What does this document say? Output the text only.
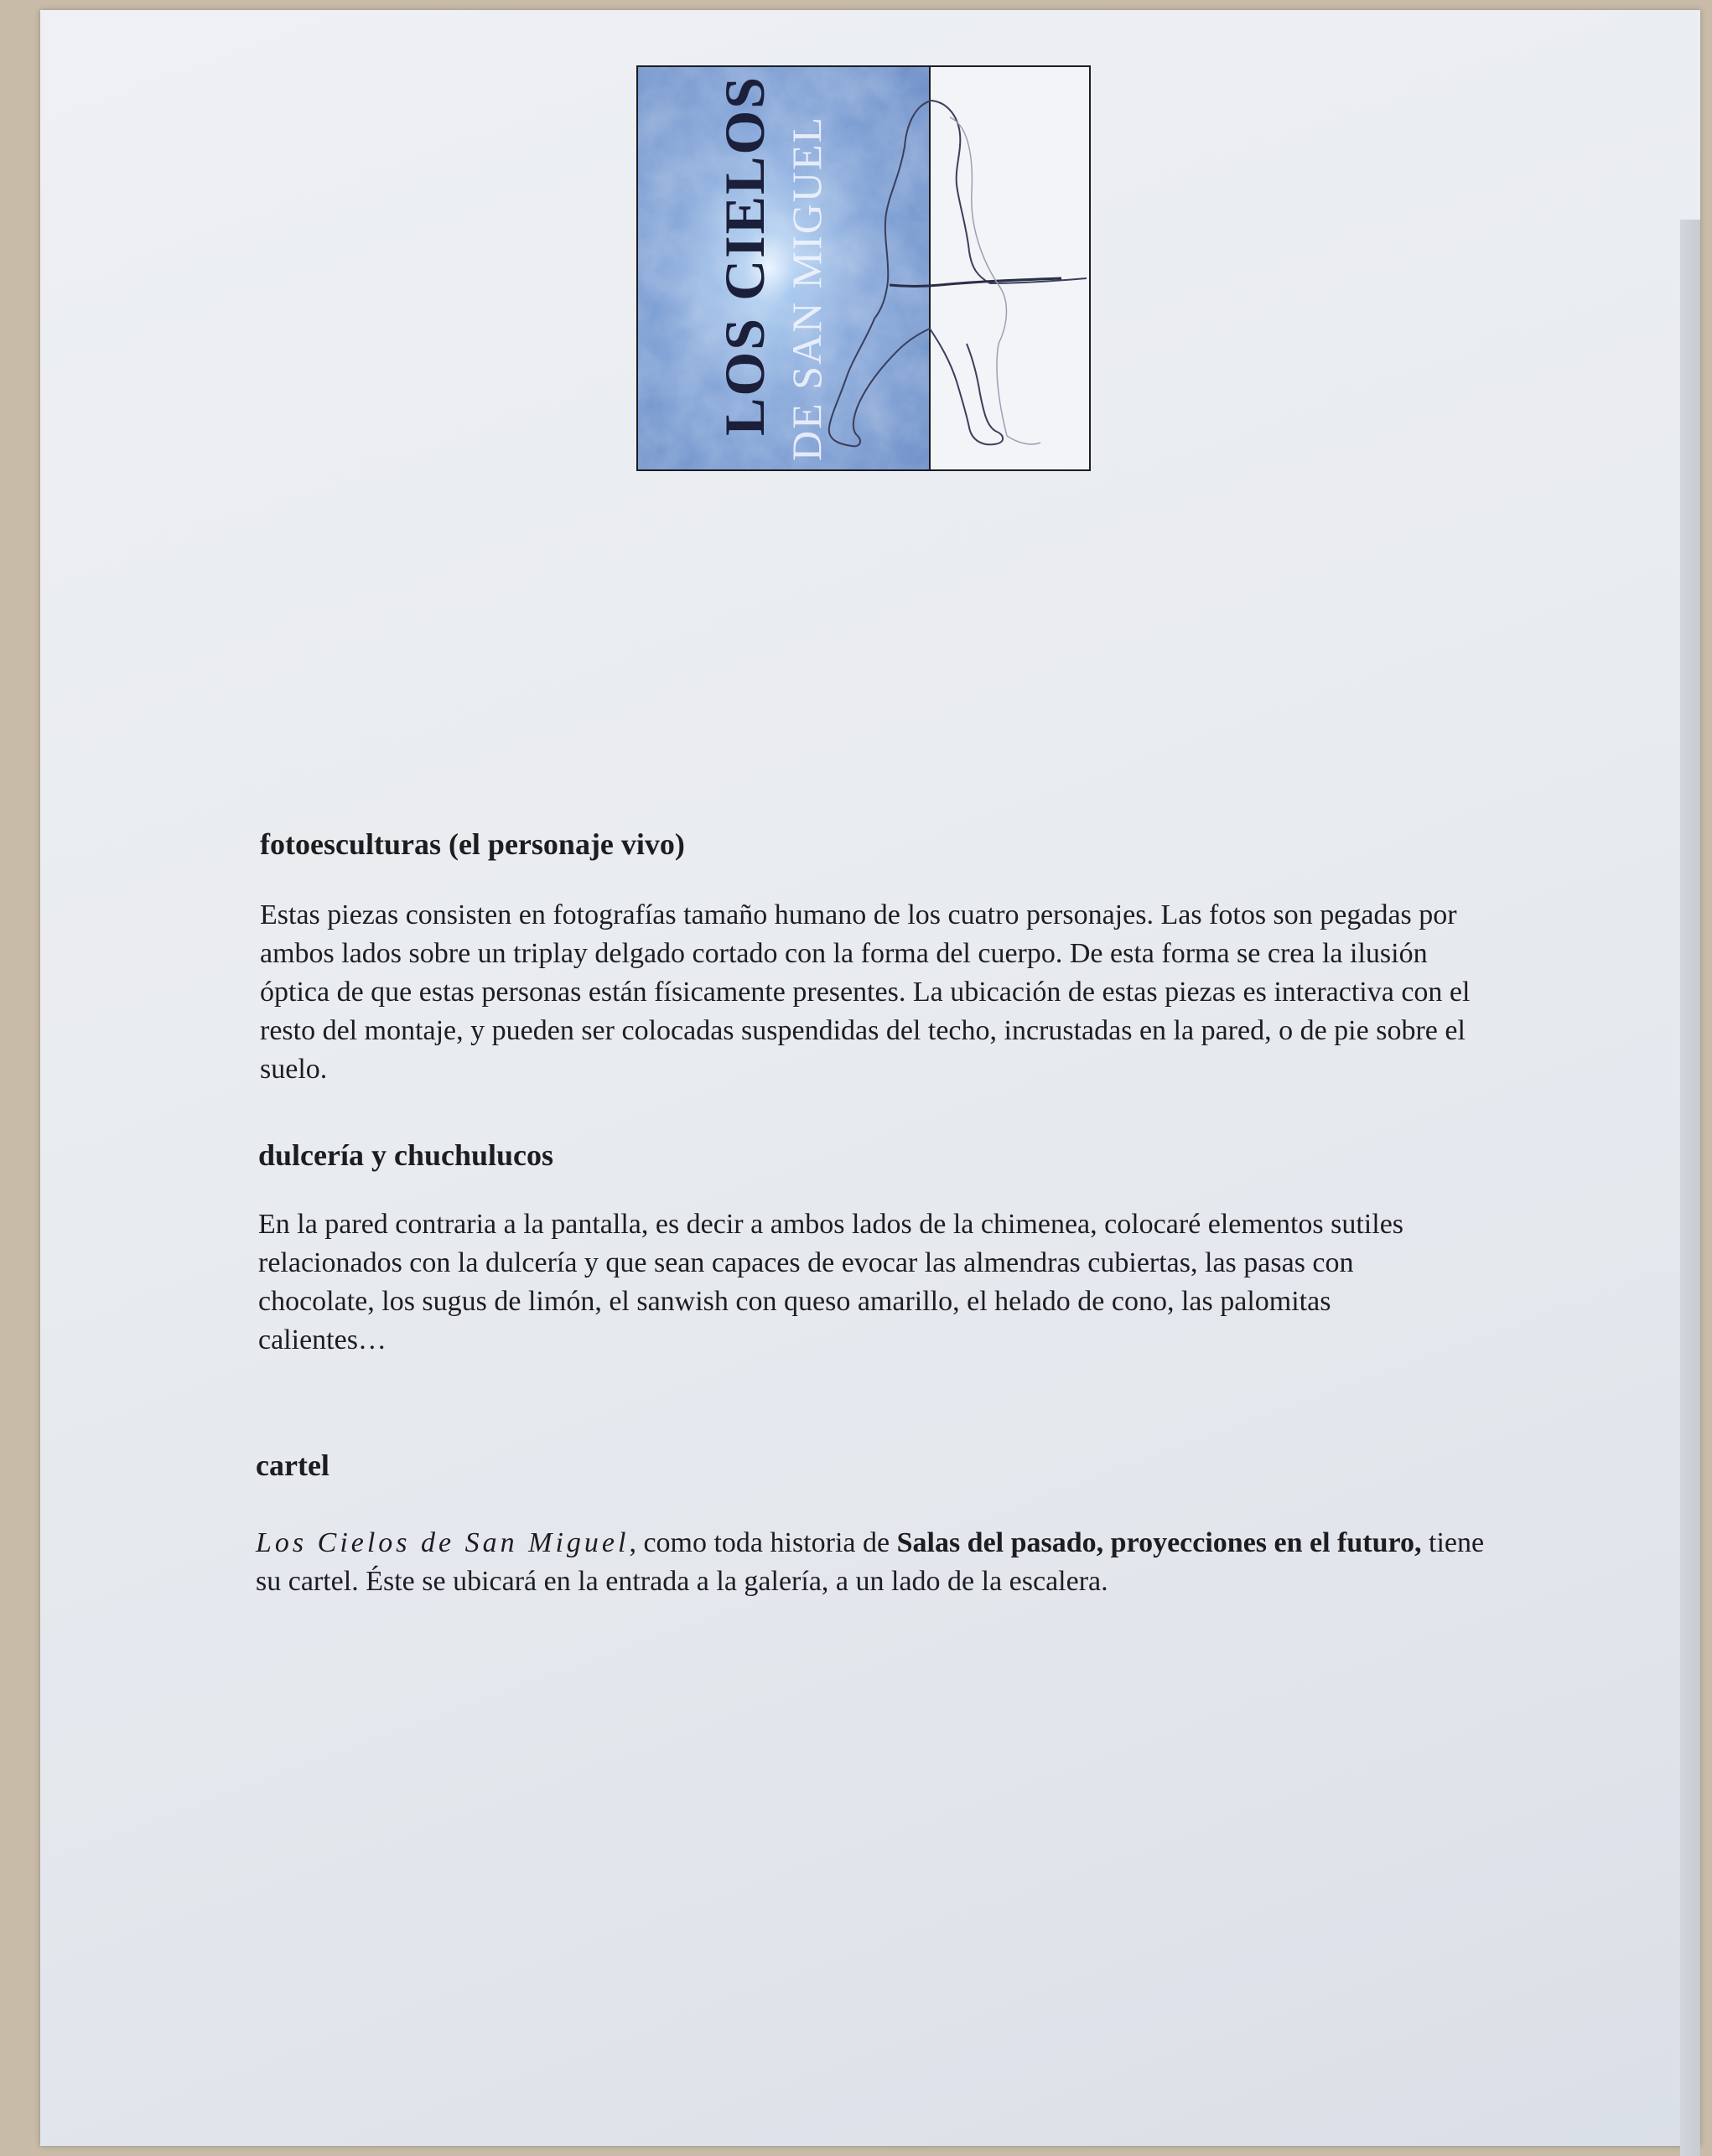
LOS CIELOS DE SAN MIGUEL

fotoesculturas (el personaje vivo)

Estas piezas consisten en fotografías tamaño humano de los cuatro personajes. Las fotos son pegadas por ambos lados sobre un triplay delgado cortado con la forma del cuerpo. De esta forma se crea la ilusión óptica de que estas personas están físicamente presentes. La ubicación de estas piezas es interactiva con el resto del montaje, y pueden ser colocadas suspendidas del techo, incrustadas en la pared, o de pie sobre el suelo.

dulcería y chuchulucos

En la pared contraria a la pantalla, es decir a ambos lados de la chimenea, colocaré elementos sutiles relacionados con la dulcería y que sean capaces de evocar las almendras cubiertas, las pasas con chocolate, los sugus de limón, el sanwish con queso amarillo, el helado de cono, las palomitas calientes…

cartel

Los Cielos de San Miguel, como toda historia de Salas del pasado, proyecciones en el futuro, tiene su cartel. Éste se ubicará en la entrada a la galería, a un lado de la escalera.
